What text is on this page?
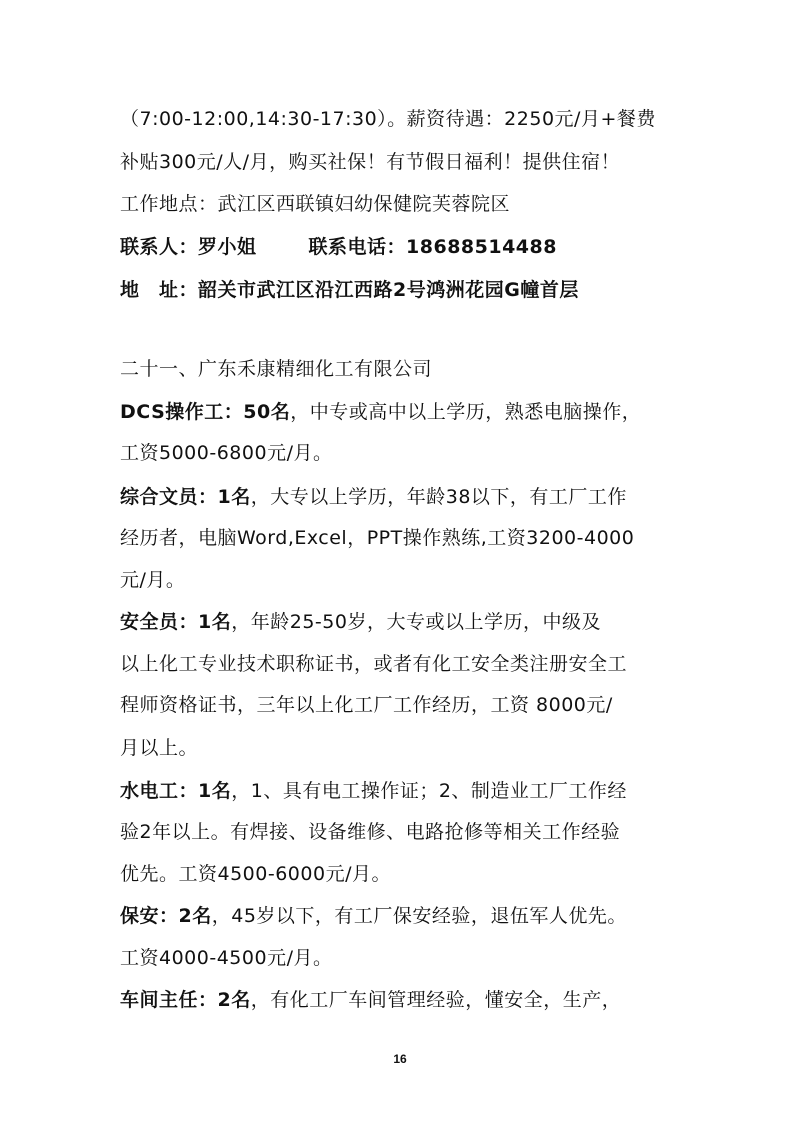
（7:00-12:00,14:30-17:30）。薪资待遇：2250元/月+餐费
补贴300元/人/月，购买社保！有节假日福利！提供住宿！
工作地点：武江区西联镇妇幼保健院芙蓉院区
联系人：罗小姐	联系电话：18688514488
地　址：韶关市武江区沿江西路2号鸿洲花园G幢首层
二十一、广东禾康精细化工有限公司
DCS操作工：50名，中专或高中以上学历，熟悉电脑操作，
工资5000-6800元/月。
综合文员：1名，大专以上学历，年龄38以下，有工厂工作
经历者，电脑Word,Excel，PPT操作熟练,工资3200-4000
元/月。
安全员：1名，年龄25-50岁，大专或以上学历，中级及
以上化工专业技术职称证书，或者有化工安全类注册安全工
程师资格证书，三年以上化工厂工作经历，工资 8000元/
月以上。
水电工：1名，1、具有电工操作证；2、制造业工厂工作经
验2年以上。有焊接、设备维修、电路抢修等相关工作经验
优先。工资4500-6000元/月。
保安：2名，45岁以下，有工厂保安经验，退伍军人优先。
工资4000-4500元/月。
车间主任：2名，有化工厂车间管理经验，懂安全，生产，
16
